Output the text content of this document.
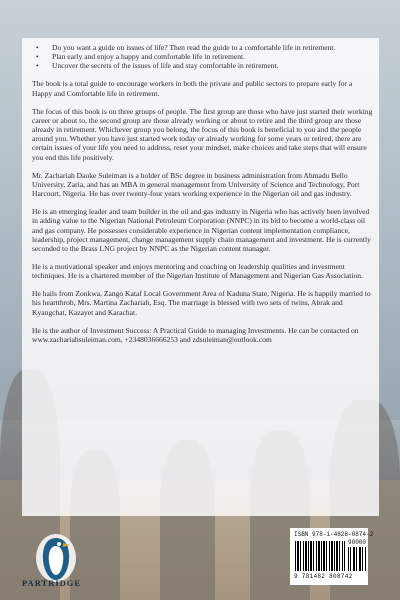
• Do you want a guide on issues of life? Then read the guide to a comfortable life in retirement.
• Plan early and enjoy a happy and comfortable life in retirement.
• Uncover the secrets of the issues of life and stay comfortable in retirement.

The book is a total guide to encourage workers in both the private and public sectors to prepare early for a Happy and Comfortable life in retirement.

The focus of this book is on three groups of people. The first group are those who have just started their working career or about to, the second group are those already working or about to retire and the third group are those already in retirement. Whichever group you belong, the focus of this book is beneficial to you and the people around you. Whether you have just started work today or already working for some years or retired, there are certain issues of your life you need to address, reset your mindset, make choices and take steps that will ensure you end this life positively.

Mr. Zachariah Dauke Suleiman is a holder of BSc degree in business administration from Ahmadu Bello University, Zaria, and has an MBA in general management from University of Science and Technology, Port Harcourt, Nigeria. He has over twenty-four years working experience in the Nigerian oil and gas industry.

He is an emerging leader and team builder in the oil and gas industry in Nigeria who has actively been involved in adding value to the Nigerian National Petroleum Corporation (NNPC) in its bid to become a world-class oil and gas company. He possesses considerable experience in Nigerian content implementation compliance, leadership, project management, change management supply chain management and investment. He is currently seconded to the Brass LNG project by NNPC as the Nigerian content manager.

He is a motivational speaker and enjoys mentoring and coaching on leadership qualities and investment techniques. He is a chartered member of the Nigerian Institute of Management and Nigerian Gas Association.

He hails from Zonkwa, Zango Kataf Local Government Area of Kaduna State, Nigeria. He is happily married to his heartthrob, Mrs. Martina Zachariah, Esq. The marriage is blessed with two sets of twins, Abrak and Kyangchat, Kazayet and Karachat.

He is the author of Investment Success: A Practical Guide to managing Investments. He can be contacted on www.zachariahsuleiman.com, +2348036666253 and zdsuleiman@outlook.com

ISBN 978-1-4828-0874-2
90000
9 781482 808742
PARTRIDGE
